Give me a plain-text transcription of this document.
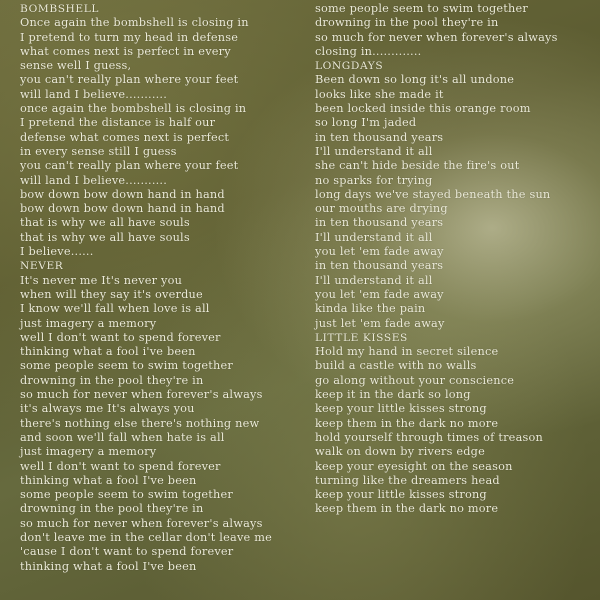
BOMBSHELL
Once again the bombshell is closing in
I pretend to turn my head in defense
what comes next is perfect in every
sense well I guess,
you can't really plan where your feet
will land I believe...........
once again the bombshell is closing in
I pretend the distance is half our
defense what comes next is perfect
in every sense still I guess
you can't really plan where your feet
will land I believe...........
bow down bow down hand in hand
bow down bow down hand in hand
that is why we all have souls
that is why we all have souls
I believe......
NEVER
It's never me It's never you
when will they say it's overdue
I know we'll fall when love is all
just imagery a memory
well I don't want to spend forever
thinking what a fool i've been
some people seem to swim together
drowning in the pool they're in
so much for never when forever's always
it's always me It's always you
there's nothing else there's nothing new
and soon we'll fall when hate is all
just imagery a memory
well I don't want to spend forever
thinking what a fool I've been
some people seem to swim together
drowning in the pool they're in
so much for never when forever's always
don't leave me in the cellar don't leave me
'cause I don't want to spend forever
thinking what a fool I've been
some people seem to swim together
drowning in the pool they're in
so much for never when forever's always
closing in.............
LONGDAYS
Been down so long it's all undone
looks like she made it
been locked inside this orange room
so long I'm jaded
in ten thousand years
I'll understand it all
she can't hide beside the fire's out
no sparks for trying
long days we've stayed beneath the sun
our mouths are drying
in ten thousand years
I'll understand it all
you let 'em fade away
in ten thousand years
I'll understand it all
you let 'em fade away
kinda like the pain
just let 'em fade away
LITTLE KISSES
Hold my hand in secret silence
build a castle with no walls
go along without your conscience
keep it in the dark so long
keep your little kisses strong
keep them in the dark no more
hold yourself through times of treason
walk on down by rivers edge
keep your eyesight on the season
turning like the dreamers head
keep your little kisses strong
keep them in the dark no more
